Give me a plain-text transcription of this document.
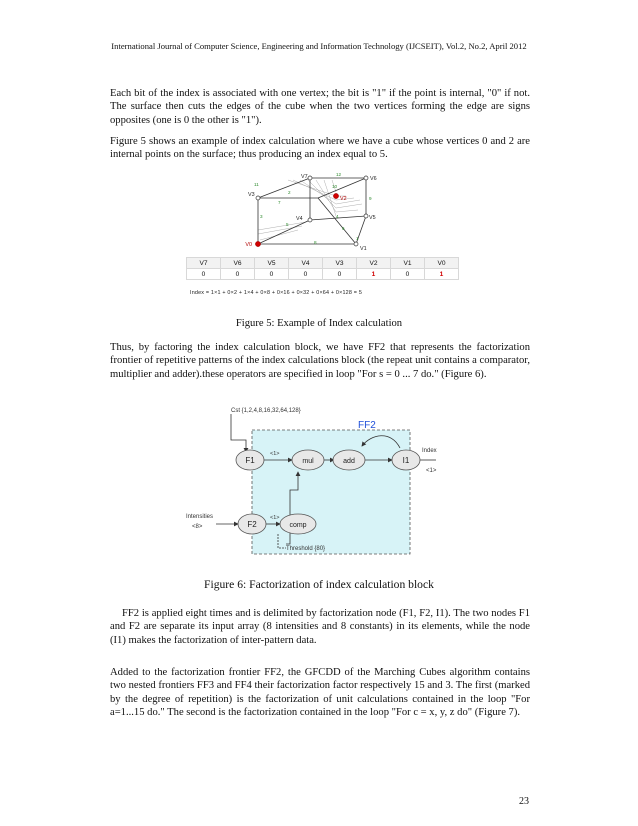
International Journal of Computer Science, Engineering and Information Technology (IJCSEIT), Vol.2, No.2, April 2012

Each bit of the index is associated with one vertex; the bit is "1" if the point is internal, "0" if not. The surface then cuts the edges of the cube when the two vertices forming the edge are signs opposites (one is 0 the other is "1").

Figure 5 shows an example of index calculation where we have a cube whose vertices 0 and 2 are internal points on the surface; thus producing an index equal to 5.

V0
V1
V2
V3
V4	V5
V6
V7
1
2
3	4
5
6
7
8
9
10
11
12
V7	V6	V5	V4	V3	V2	V1	V0
0	0	0	0	0	1	0	1
Index = 1×1 + 0×2 + 1×4 + 0×8 + 0×16 + 0×32 + 0×64 + 0×128 = 5
Figure 5: Example of Index calculation

Thus, by factoring the index calculation block, we have FF2 that represents the factorization frontier of repetitive patterns of the index calculations block (the repeat unit contains a comparator, multiplier and adder).these operators are specified in loop "For s = 0 ... 7 do." (Figure 6).

FF2
Cst {1,2,4,8,16,32,64,128}
F1	mul	add	I1
F2	comp
<1>
<1>
Index
<1>
Intensities
<8>
Threshold {80}
Figure 6: Factorization of index calculation block

FF2 is applied eight times and is delimited by factorization node (F1, F2, I1). The two nodes F1 and F2 are separate its input array (8 intensities and 8 constants) in its elements, while the node (I1) makes the factorization of inter-pattern data.

Added to the factorization frontier FF2, the GFCDD of the Marching Cubes algorithm contains two nested frontiers FF3 and FF4 their factorization factor respectively 15 and 3. The first (marked by the degree of repetition) is the factorization of unit calculations contained in the loop "For a=1...15 do." The second is the factorization contained in the loop "For c = x, y, z do" (Figure 7).

23
